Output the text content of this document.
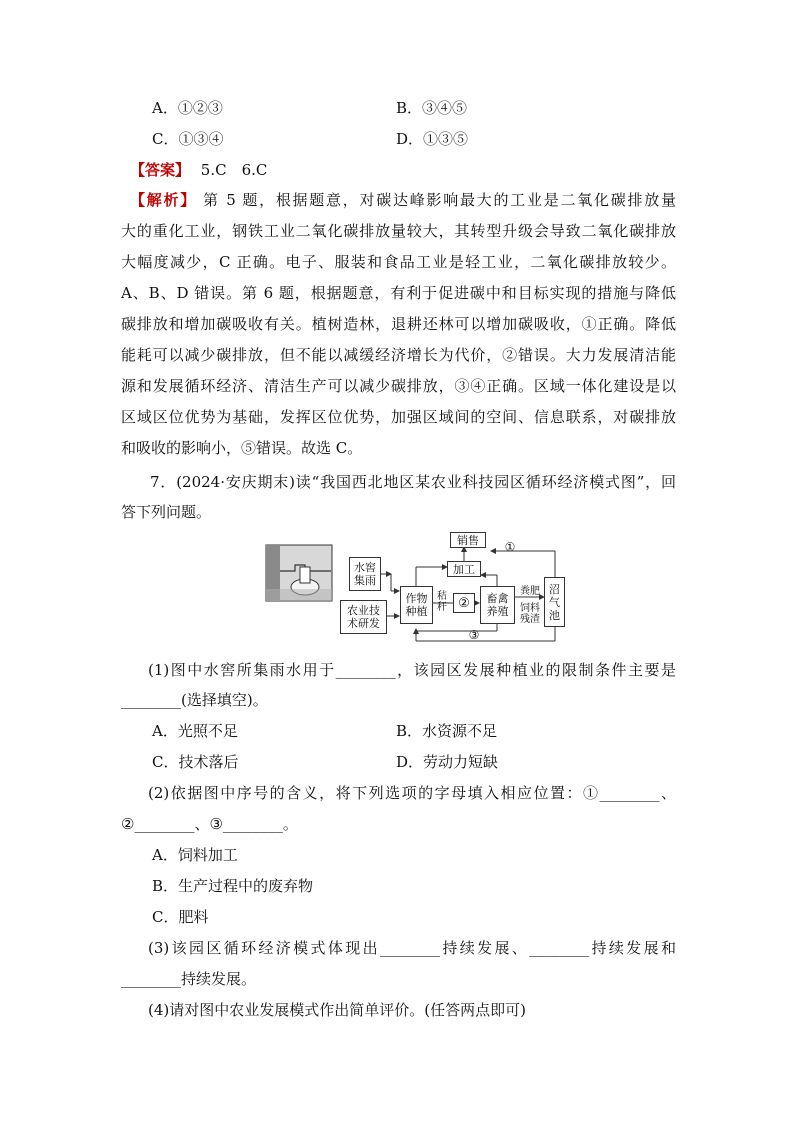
A．①②③	B．③④⑤
C．①③④	D．①③⑤
【答案】 5.C　6.C
【解析】 第 5 题，根据题意，对碳达峰影响最大的工业是二氧化碳排放量
大的重化工业，钢铁工业二氧化碳排放量较大，其转型升级会导致二氧化碳排放
大幅度减少，C 正确。电子、服装和食品工业是轻工业，二氧化碳排放较少。
A、B、D 错误。第 6 题，根据题意，有利于促进碳中和目标实现的措施与降低
碳排放和增加碳吸收有关。植树造林，退耕还林可以增加碳吸收，①正确。降低
能耗可以减少碳排放，但不能以减缓经济增长为代价，②错误。大力发展清洁能
源和发展循环经济、清洁生产可以减少碳排放，③④正确。区域一体化建设是以
区域区位优势为基础，发挥区位优势，加强区域间的空间、信息联系，对碳排放
和吸收的影响小，⑤错误。故选 C。
7．(2024·安庆期末)读“我国西北地区某农业科技园区循环经济模式图”，回
答下列问题。
水窖
集雨
农业技
术研发
作物
种植
秸
秆 ② 畜禽
养殖
粪肥
饲料
残渣
沼
气
池
销售
加工
①
③
(1)图中水窖所集雨水用于________，该园区发展种植业的限制条件主要是
________(选择填空)。
A．光照不足	B．水资源不足
C．技术落后	D．劳动力短缺
(2)依据图中序号的含义，将下列选项的字母填入相应位置：①________、
②________、③________。
A．饲料加工
B．生产过程中的废弃物
C．肥料
(3)该园区循环经济模式体现出________持续发展、________持续发展和
________持续发展。
(4)请对图中农业发展模式作出简单评价。(任答两点即可)
